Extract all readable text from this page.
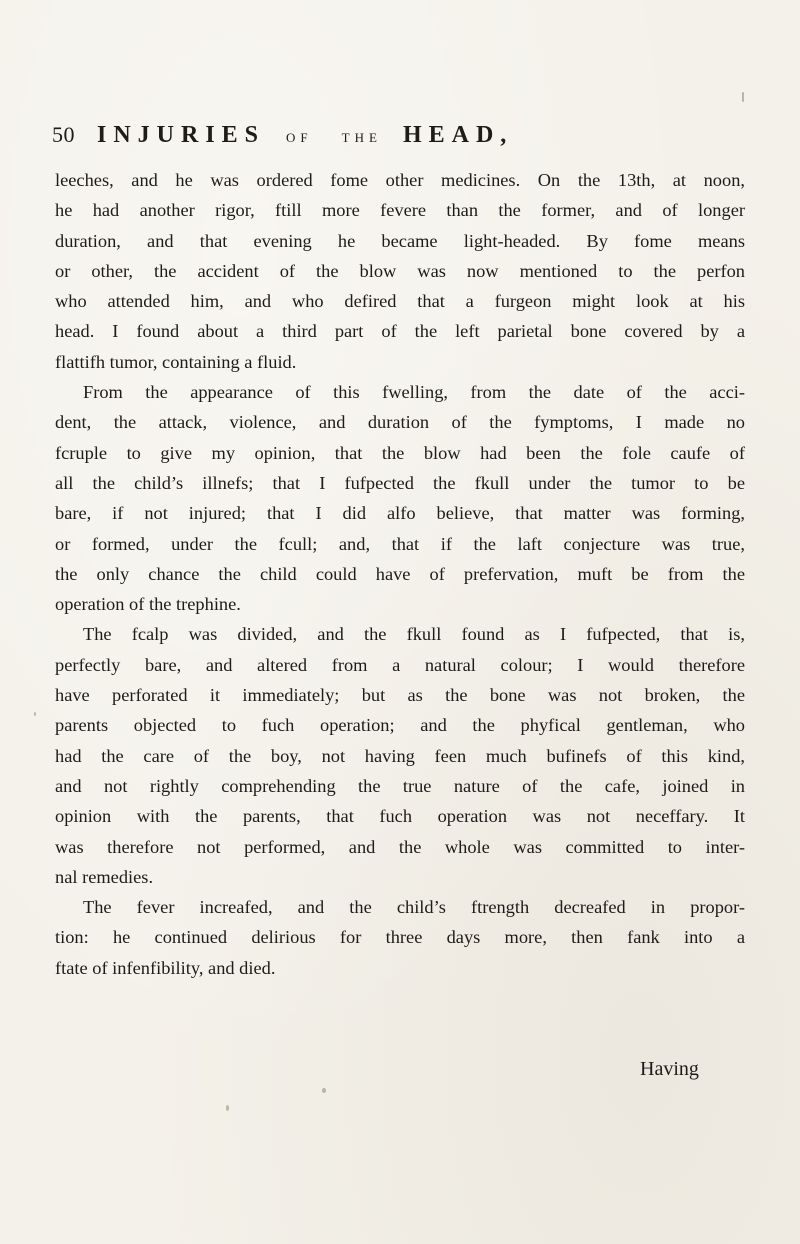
50 INJURIES OF THE HEAD,
leeches, and he was ordered fome other medicines. On the 13th, at noon,
he had another rigor, ftill more fevere than the former, and of longer
duration, and that evening he became light-headed. By fome means
or other, the accident of the blow was now mentioned to the perfon
who attended him, and who defired that a furgeon might look at his
head. I found about a third part of the left parietal bone covered by a
flattifh tumor, containing a fluid.
From the appearance of this fwelling, from the date of the acci-
dent, the attack, violence, and duration of the fymptoms, I made no
fcruple to give my opinion, that the blow had been the fole caufe of
all the child’s illnefs; that I fufpected the fkull under the tumor to be
bare, if not injured; that I did alfo believe, that matter was forming,
or formed, under the fcull; and, that if the laft conjecture was true,
the only chance the child could have of prefervation, muft be from the
operation of the trephine.
The fcalp was divided, and the fkull found as I fufpected, that is,
perfectly bare, and altered from a natural colour; I would therefore
have perforated it immediately; but as the bone was not broken, the
parents objected to fuch operation; and the phyfical gentleman, who
had the care of the boy, not having feen much bufinefs of this kind,
and not rightly comprehending the true nature of the cafe, joined in
opinion with the parents, that fuch operation was not neceffary. It
was therefore not performed, and the whole was committed to inter-
nal remedies.
The fever increafed, and the child’s ftrength decreafed in propor-
tion: he continued delirious for three days more, then fank into a
ftate of infenfibility, and died.
Having
